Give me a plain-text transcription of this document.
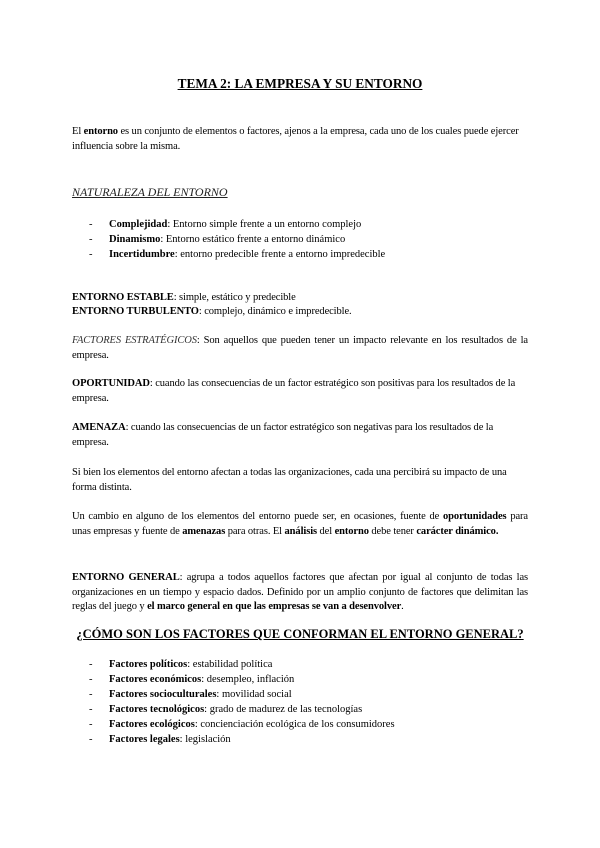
TEMA 2: LA EMPRESA Y SU ENTORNO
El entorno es un conjunto de elementos o factores, ajenos a la empresa, cada uno de los cuales puede ejercer influencia sobre la misma.
NATURALEZA DEL ENTORNO
- Complejidad: Entorno simple frente a un entorno complejo
- Dinamismo: Entorno estático frente a entorno dinámico
- Incertidumbre: entorno predecible frente a entorno impredecible
ENTORNO ESTABLE: simple, estático y predecible
ENTORNO TURBULENTO: complejo, dinámico e impredecible.
FACTORES ESTRATÉGICOS: Son aquellos que pueden tener un impacto relevante en los resultados de la empresa.
OPORTUNIDAD: cuando las consecuencias de un factor estratégico son positivas para los resultados de la empresa.
AMENAZA: cuando las consecuencias de un factor estratégico son negativas para los resultados de la empresa.
Si bien los elementos del entorno afectan a todas las organizaciones, cada una percibirá su impacto de una forma distinta.
Un cambio en alguno de los elementos del entorno puede ser, en ocasiones, fuente de oportunidades para unas empresas y fuente de amenazas para otras. El análisis del entorno debe tener carácter dinámico.
ENTORNO GENERAL: agrupa a todos aquellos factores que afectan por igual al conjunto de todas las organizaciones en un tiempo y espacio dados. Definido por un amplio conjunto de factores que delimitan las reglas del juego y el marco general en que las empresas se van a desenvolver.
¿CÓMO SON LOS FACTORES QUE CONFORMAN EL ENTORNO GENERAL?
- Factores políticos: estabilidad política
- Factores económicos: desempleo, inflación
- Factores socioculturales: movilidad social
- Factores tecnológicos: grado de madurez de las tecnologías
- Factores ecológicos: concienciación ecológica de los consumidores
- Factores legales: legislación
